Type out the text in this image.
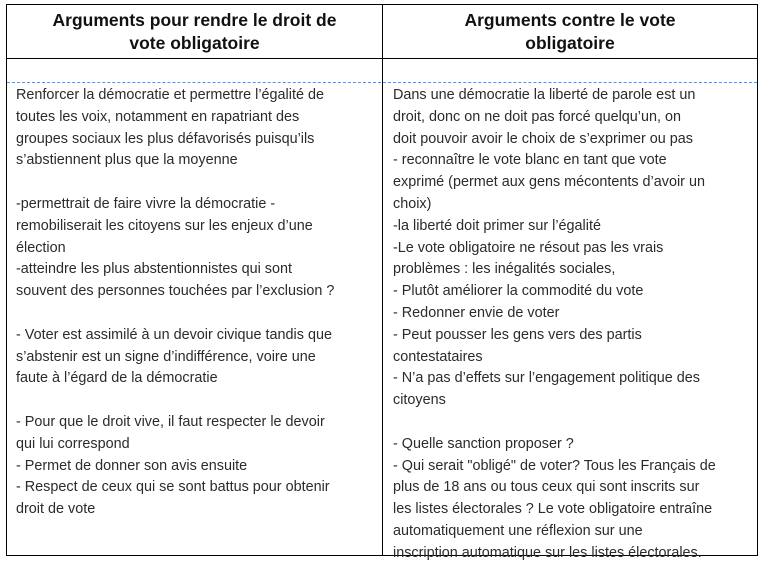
Arguments pour rendre le droit de
vote obligatoire
Arguments contre le vote
obligatoire
Renforcer la démocratie et permettre l’égalité de
toutes les voix, notamment en rapatriant des
groupes sociaux les plus défavorisés puisqu’ils
s’abstiennent plus que la moyenne
-permettrait de faire vivre la démocratie -
remobiliserait les citoyens sur les enjeux d’une
élection
-atteindre les plus abstentionnistes qui sont
souvent des personnes touchées par l’exclusion ?
- Voter est assimilé à un devoir civique tandis que
s’abstenir est un signe d’indifférence, voire une
faute à l’égard de la démocratie
- Pour que le droit vive, il faut respecter le devoir
qui lui correspond
- Permet de donner son avis ensuite
- Respect de ceux qui se sont battus pour obtenir
droit de vote
Dans une démocratie la liberté de parole est un
droit, donc on ne doit pas forcé quelqu’un, on
doit pouvoir avoir le choix de s’exprimer ou pas
- reconnaître le vote blanc en tant que vote
exprimé (permet aux gens mécontents d’avoir un
choix)
-la liberté doit primer sur l’égalité
-Le vote obligatoire ne résout pas les vrais
problèmes : les inégalités sociales,
- Plutôt améliorer la commodité du vote
- Redonner envie de voter
- Peut pousser les gens vers des partis
contestataires
- N’a pas d’effets sur l’engagement politique des
citoyens
- Quelle sanction proposer ?
- Qui serait "obligé" de voter? Tous les Français de
plus de 18 ans ou tous ceux qui sont inscrits sur
les listes électorales ? Le vote obligatoire entraîne
automatiquement une réflexion sur une
inscription automatique sur les listes électorales.
